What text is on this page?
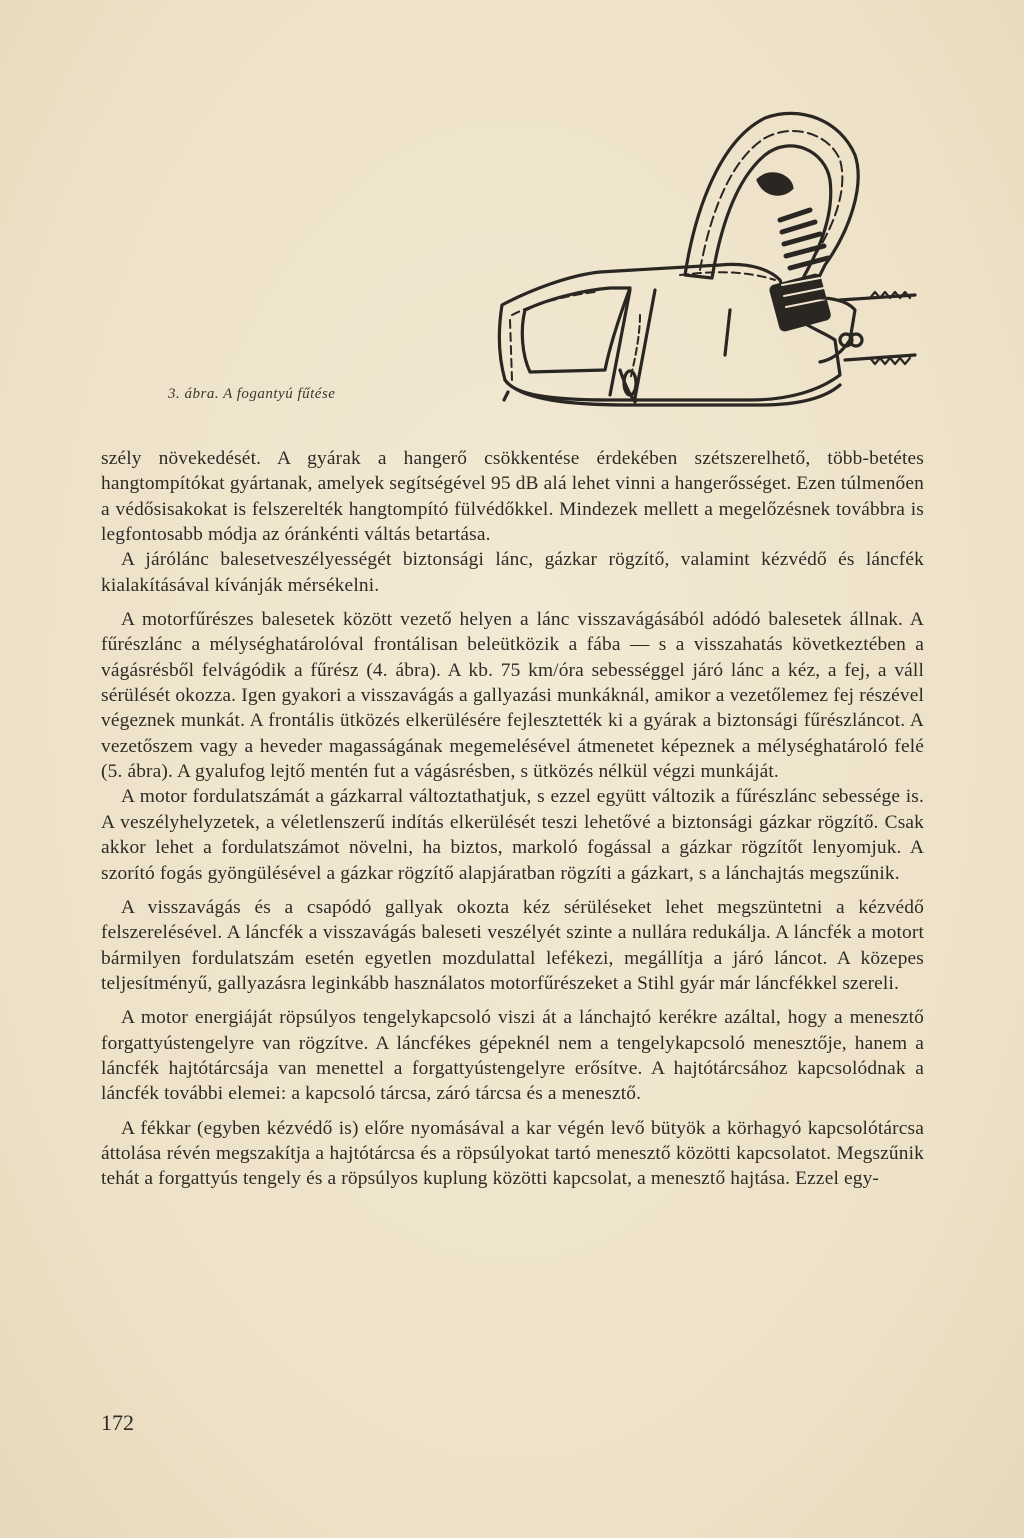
3. ábra. A fogantyú fűtése

szély növekedését. A gyárak a hangerő csökkentése érdekében szétszerelhető, több-betétes hangtompítókat gyártanak, amelyek segítségével 95 dB alá lehet vinni a hangerősséget. Ezen túlmenően a védősisakokat is felszerelték hangtompító fülvédőkkel. Mindezek mellett a megelőzésnek továbbra is legfontosabb módja az óránkénti váltás betartása.

A járólánc balesetveszélyességét biztonsági lánc, gázkar rögzítő, valamint kézvédő és láncfék kialakításával kívánják mérsékelni.

A motorfűrészes balesetek között vezető helyen a lánc visszavágásából adódó balesetek állnak. A fűrészlánc a mélységhatárolóval frontálisan beleütközik a fába — s a visszahatás következtében a vágásrésből felvágódik a fűrész (4. ábra). A kb. 75 km/óra sebességgel járó lánc a kéz, a fej, a váll sérülését okozza. Igen gyakori a visszavágás a gallyazási munkáknál, amikor a vezetőlemez fej részével végeznek munkát. A frontális ütközés elkerülésére fejlesztették ki a gyárak a biztonsági fűrészláncot. A vezetőszem vagy a heveder magasságának megemelésével átmenetet képeznek a mélységhatároló felé (5. ábra). A gyalufog lejtő mentén fut a vágásrésben, s ütközés nélkül végzi munkáját.

A motor fordulatszámát a gázkarral változtathatjuk, s ezzel együtt változik a fűrészlánc sebessége is. A veszélyhelyzetek, a véletlenszerű indítás elkerülését teszi lehetővé a biztonsági gázkar rögzítő. Csak akkor lehet a fordulatszámot növelni, ha biztos, markoló fogással a gázkar rögzítőt lenyomjuk. A szorító fogás gyöngülésével a gázkar rögzítő alapjáratban rögzíti a gázkart, s a lánchajtás megszűnik.

A visszavágás és a csapódó gallyak okozta kéz sérüléseket lehet megszüntetni a kézvédő felszerelésével. A láncfék a visszavágás baleseti veszélyét szinte a nullára redukálja. A láncfék a motort bármilyen fordulatszám esetén egyetlen mozdulattal lefékezi, megállítja a járó láncot. A közepes teljesítményű, gallyazásra leginkább használatos motorfűrészeket a Stihl gyár már láncfékkel szereli.

A motor energiáját röpsúlyos tengelykapcsoló viszi át a lánchajtó kerékre azáltal, hogy a menesztő forgattyústengelyre van rögzítve. A láncfékes gépeknél nem a tengelykapcsoló menesztője, hanem a láncfék hajtótárcsája van menettel a forgattyústengelyre erősítve. A hajtótárcsához kapcsolódnak a láncfék további elemei: a kapcsoló tárcsa, záró tárcsa és a menesztő.

A fékkar (egyben kézvédő is) előre nyomásával a kar végén levő bütyök a körhagyó kapcsolótárcsa áttolása révén megszakítja a hajtótárcsa és a röpsúlyokat tartó menesztő közötti kapcsolatot. Megszűnik tehát a forgattyús tengely és a röpsúlyos kuplung közötti kapcsolat, a menesztő hajtása. Ezzel egy-

172
